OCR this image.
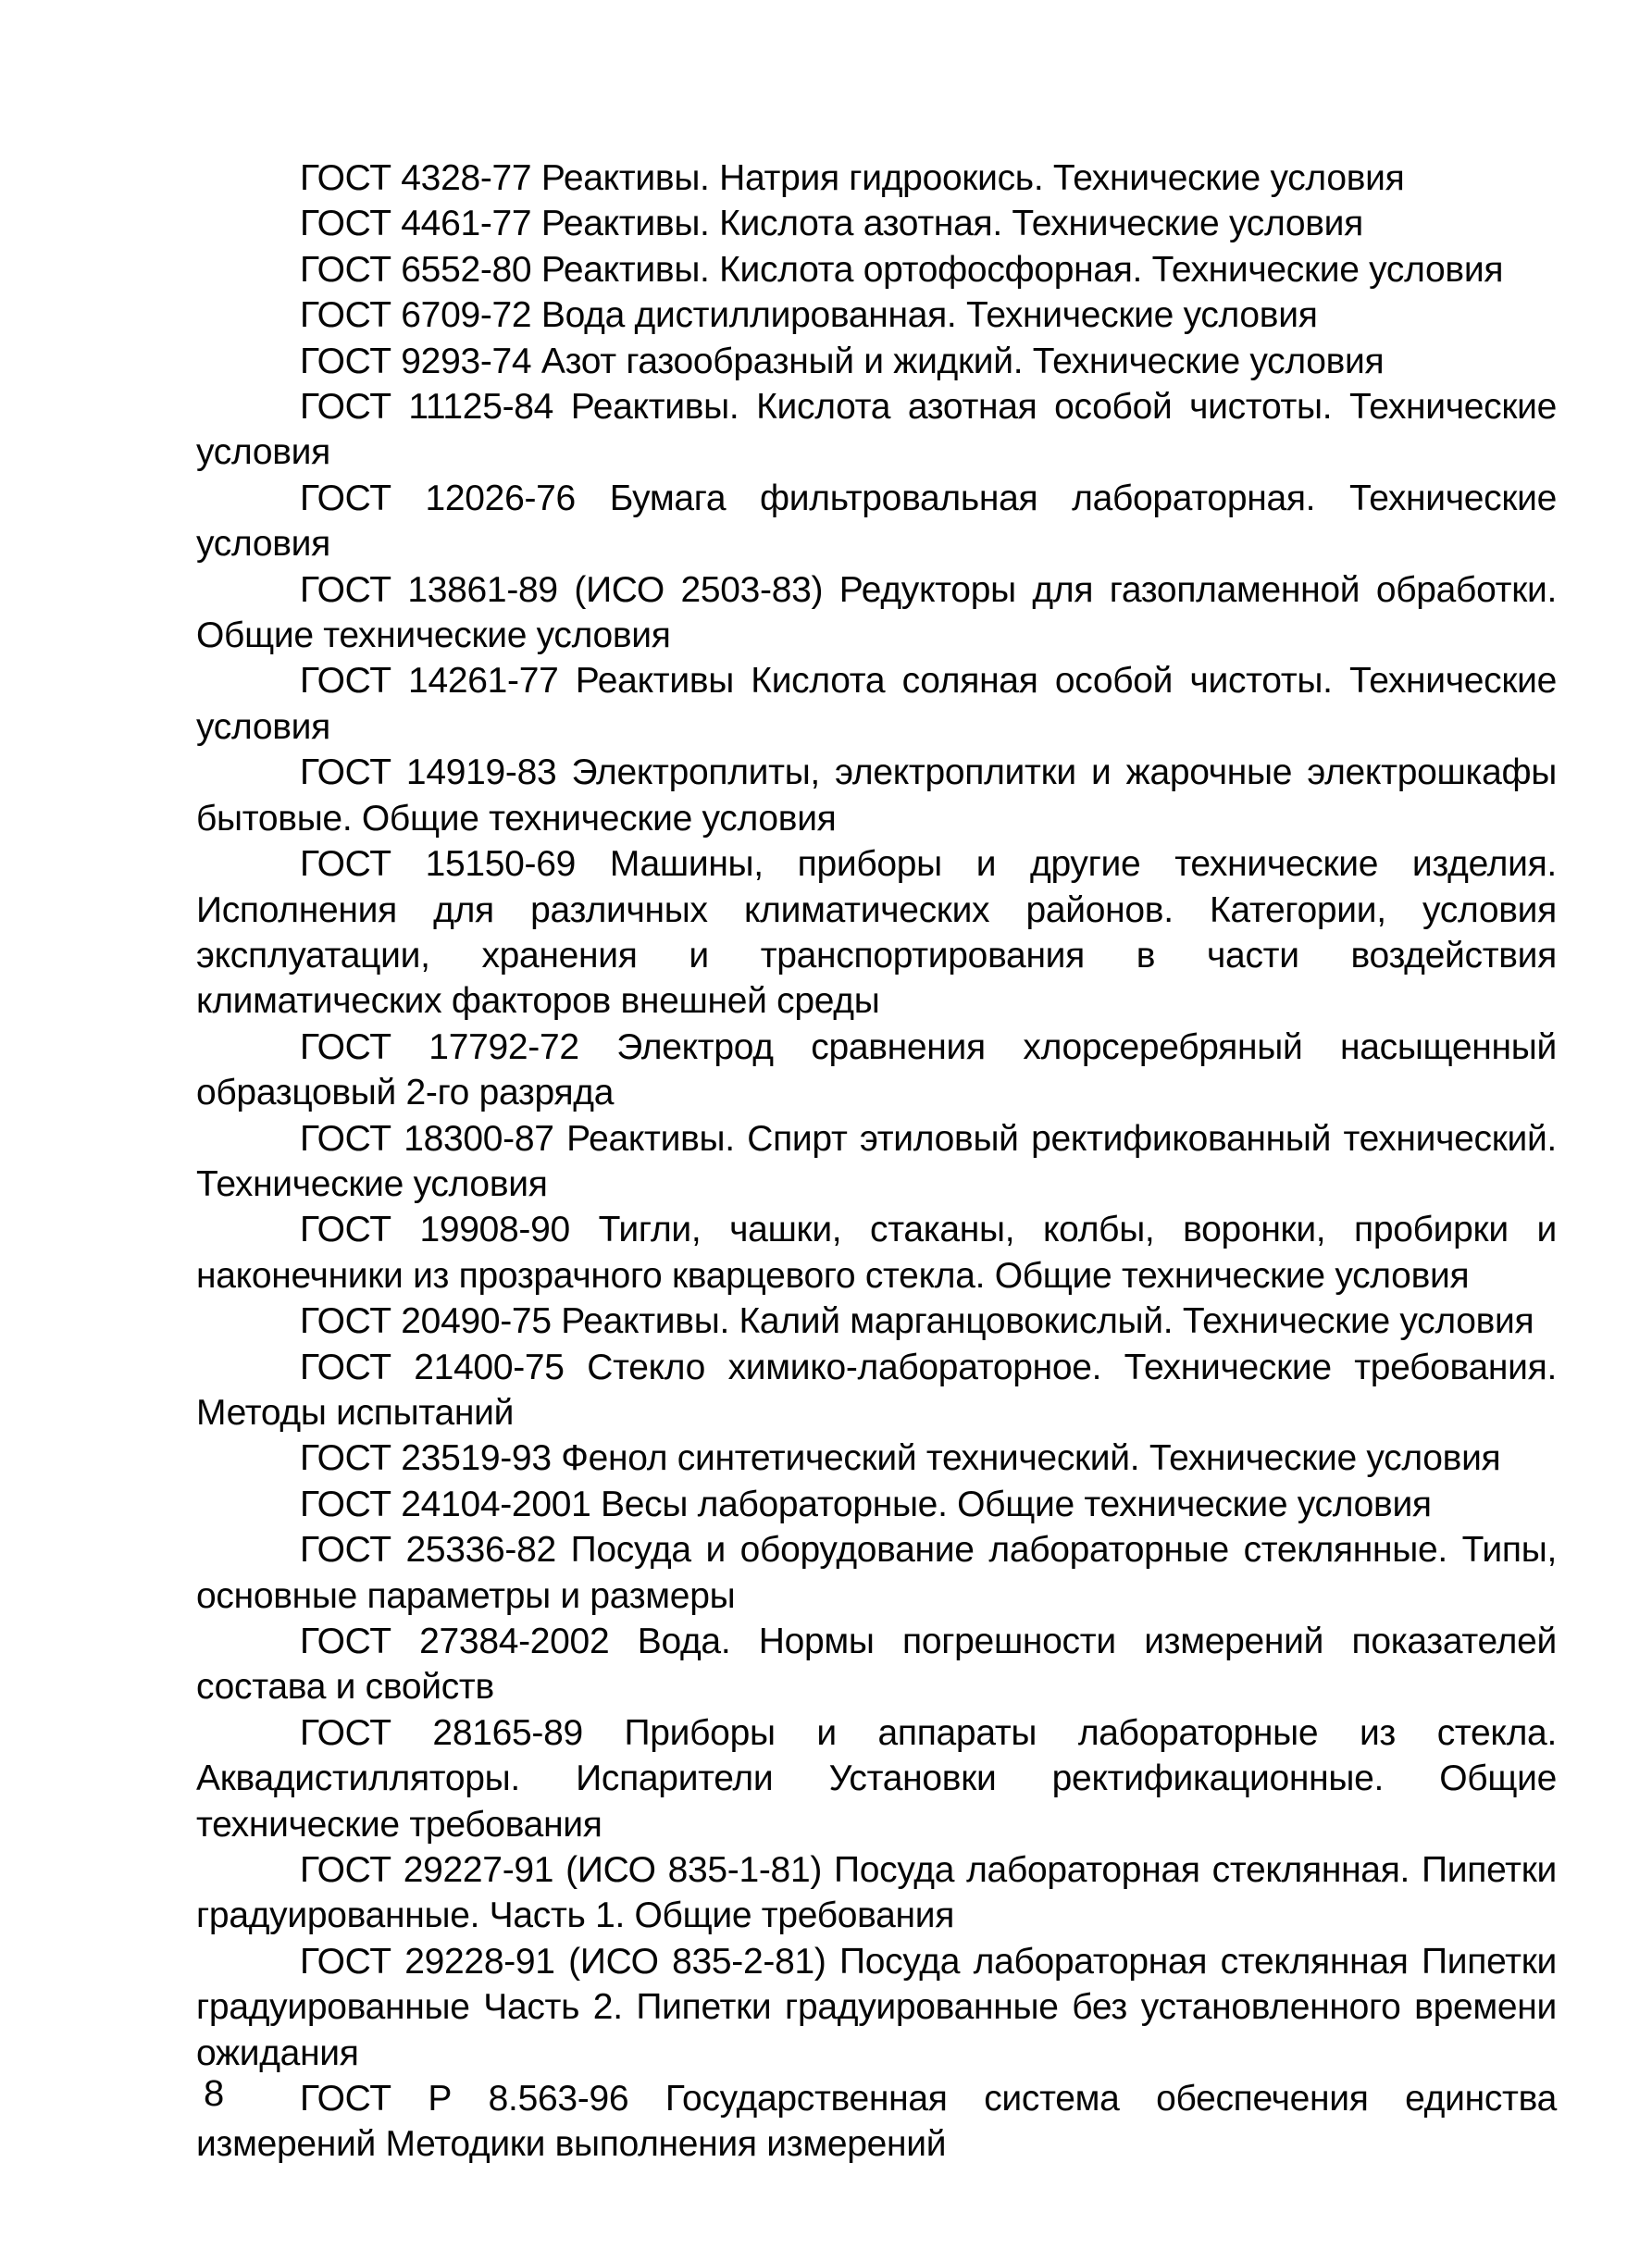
ГОСТ 4328-77 Реактивы. Натрия гидроокись. Технические условия
ГОСТ 4461-77 Реактивы. Кислота азотная. Технические условия
ГОСТ 6552-80 Реактивы. Кислота ортофосфорная. Технические условия
ГОСТ 6709-72 Вода дистиллированная. Технические условия
ГОСТ 9293-74 Азот газообразный и жидкий. Технические условия
ГОСТ 11125-84 Реактивы. Кислота азотная особой чистоты. Технические условия
ГОСТ 12026-76 Бумага фильтровальная лабораторная. Технические условия
ГОСТ 13861-89 (ИСО 2503-83) Редукторы для газопламенной обработки. Общие технические условия
ГОСТ 14261-77 Реактивы Кислота соляная особой чистоты. Технические условия
ГОСТ 14919-83 Электроплиты, электроплитки и жарочные электрошкафы бытовые. Общие технические условия
ГОСТ 15150-69 Машины, приборы и другие технические изделия. Исполнения для различных климатических районов. Категории, условия эксплуатации, хранения и транспортирования в части воздействия климатических факторов внешней среды
ГОСТ 17792-72 Электрод сравнения хлорсеребряный насыщенный образцовый 2-го разряда
ГОСТ 18300-87 Реактивы. Спирт этиловый ректификованный технический. Технические условия
ГОСТ 19908-90 Тигли, чашки, стаканы, колбы, воронки, пробирки и наконечники из прозрачного кварцевого стекла. Общие технические условия
ГОСТ 20490-75 Реактивы. Калий марганцовокислый. Технические условия
ГОСТ 21400-75 Стекло химико-лабораторное. Технические требования. Методы испытаний
ГОСТ 23519-93 Фенол синтетический технический. Технические условия
ГОСТ 24104-2001 Весы лабораторные. Общие технические условия
ГОСТ 25336-82 Посуда и оборудование лабораторные стеклянные. Типы, основные параметры и размеры
ГОСТ 27384-2002 Вода. Нормы погрешности измерений показателей состава и свойств
ГОСТ 28165-89 Приборы и аппараты лабораторные из стекла. Аквадистилляторы. Испарители Установки ректификационные. Общие технические требования
ГОСТ 29227-91 (ИСО 835-1-81) Посуда лабораторная стеклянная. Пипетки градуированные. Часть 1. Общие требования
ГОСТ 29228-91 (ИСО 835-2-81) Посуда лабораторная стеклянная Пипетки градуированные Часть 2. Пипетки градуированные без установленного времени ожидания
ГОСТ Р 8.563-96 Государственная система обеспечения единства измерений Методики выполнения измерений
8
